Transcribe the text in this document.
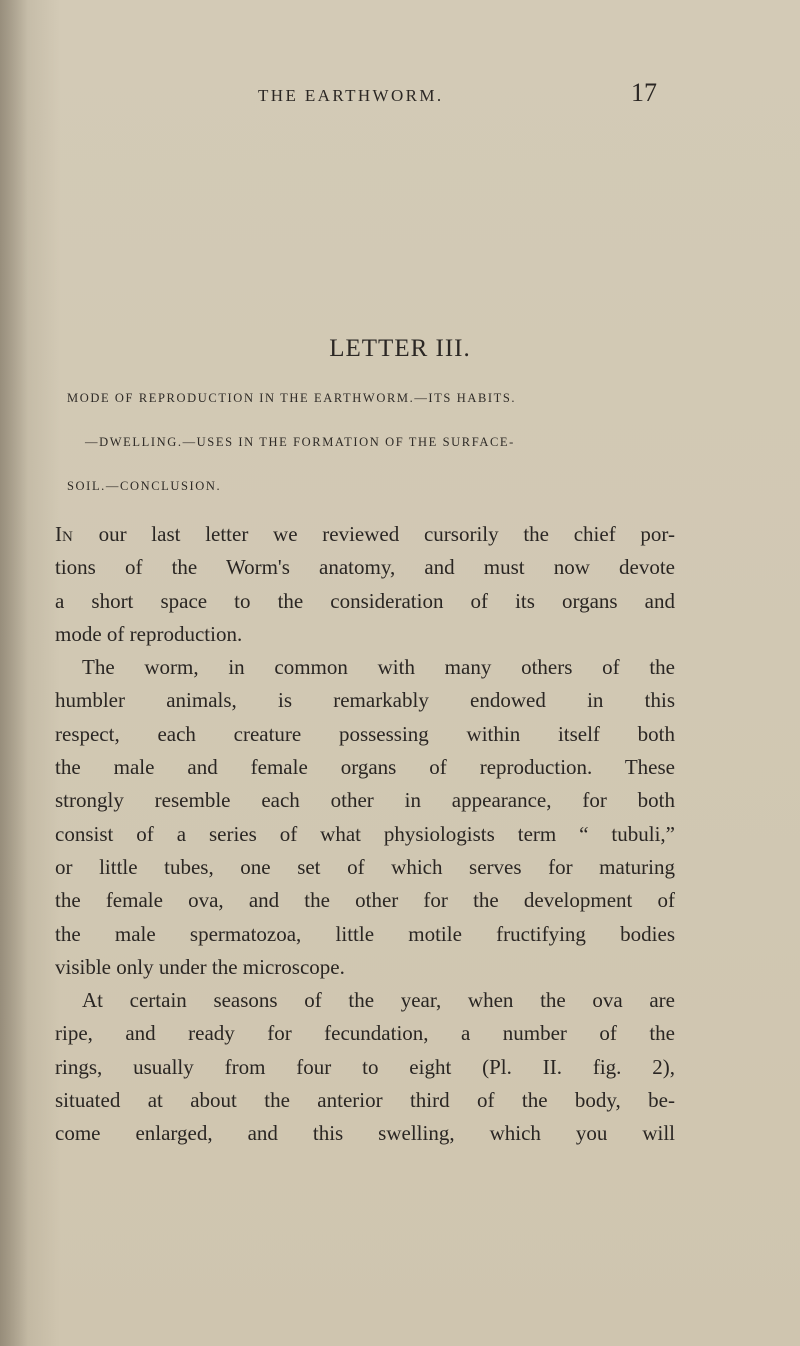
THE EARTHWORM.	17
LETTER III.
MODE OF REPRODUCTION IN THE EARTHWORM.—ITS HABITS.
—DWELLING.—USES IN THE FORMATION OF THE SURFACE-
SOIL.—CONCLUSION.
IN our last letter we reviewed cursorily the chief por-
tions of the Worm's anatomy, and must now devote
a short space to the consideration of its organs and
mode of reproduction.
The worm, in common with many others of the
humbler animals, is remarkably endowed in this
respect, each creature possessing within itself both
the male and female organs of reproduction. These
strongly resemble each other in appearance, for both
consist of a series of what physiologists term “ tubuli,”
or little tubes, one set of which serves for maturing
the female ova, and the other for the development of
the male spermatozoa, little motile fructifying bodies
visible only under the microscope.
At certain seasons of the year, when the ova are
ripe, and ready for fecundation, a number of the
rings, usually from four to eight (Pl. II. fig. 2),
situated at about the anterior third of the body, be-
come enlarged, and this swelling, which you will
